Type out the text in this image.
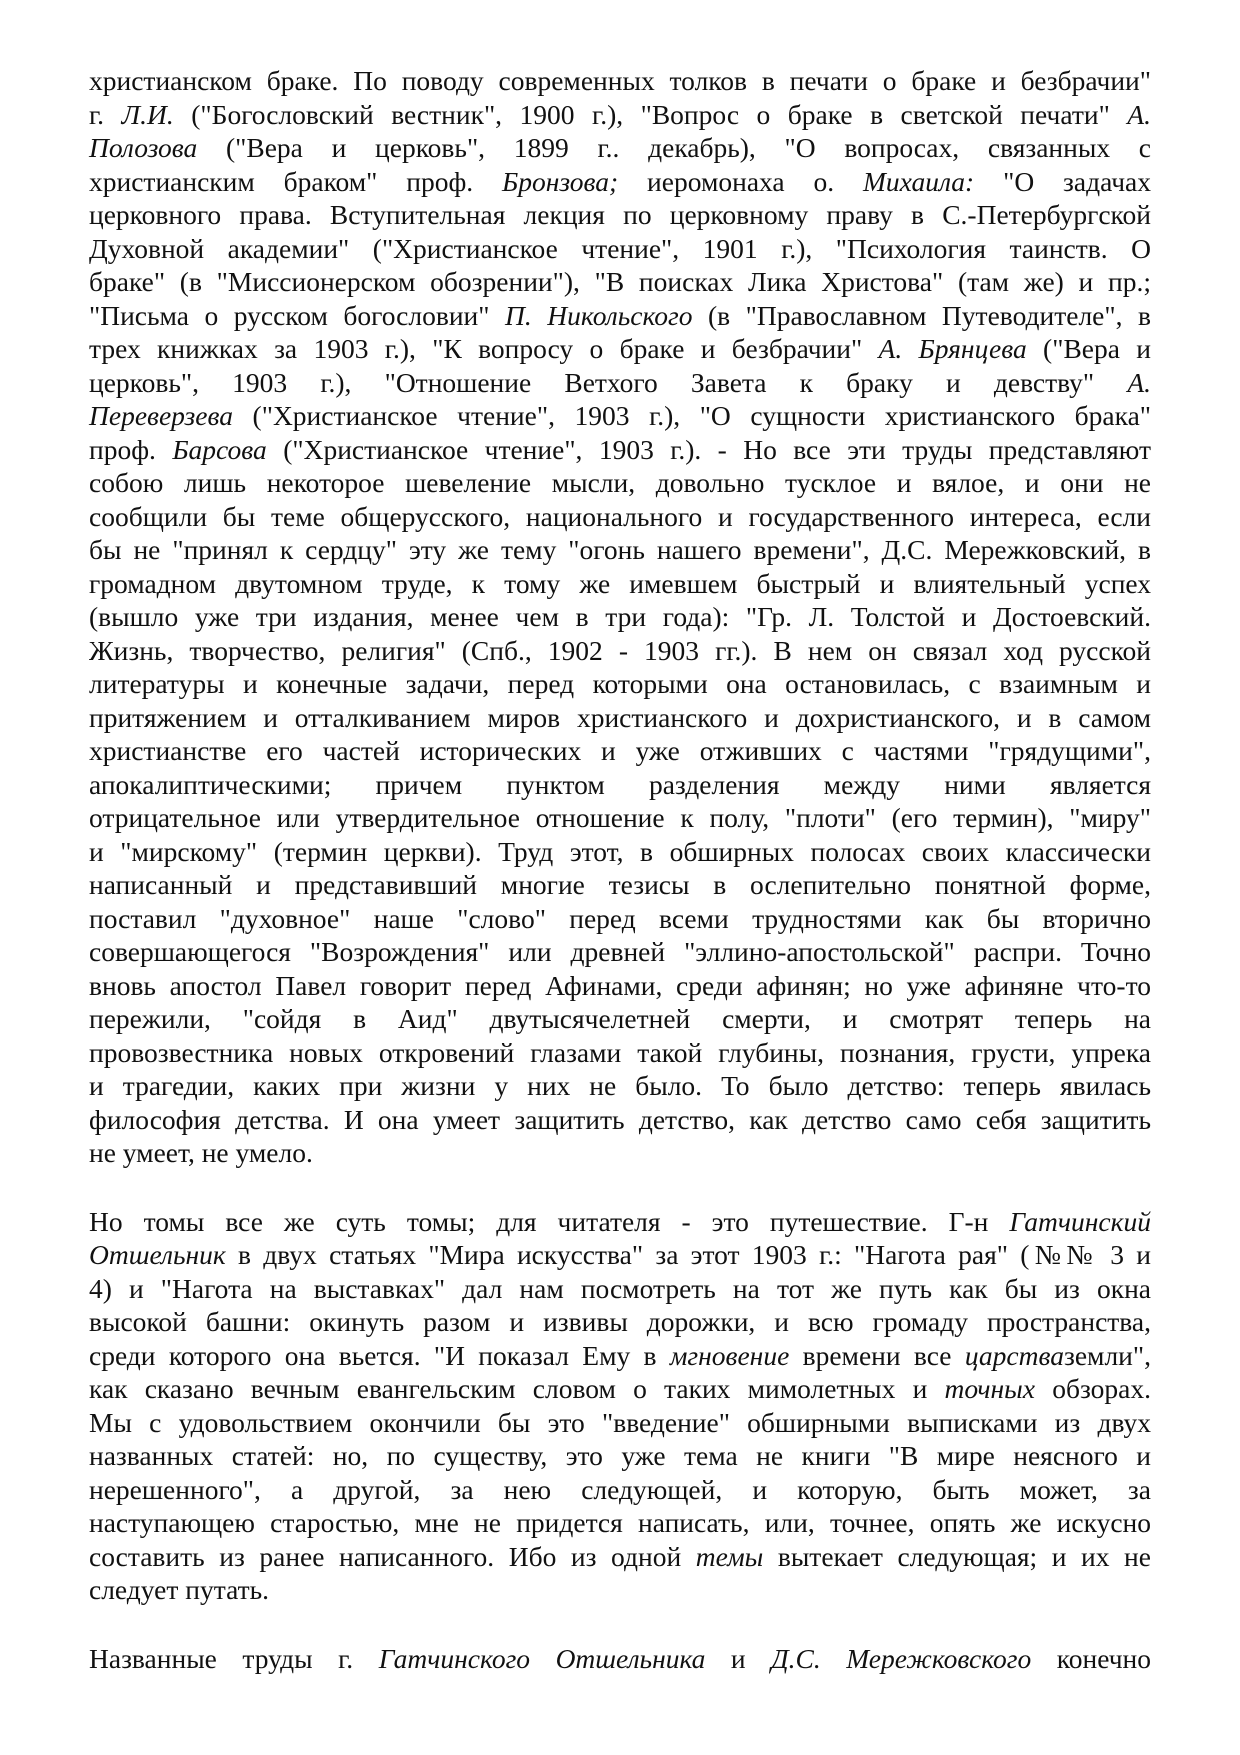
христианском браке. По поводу современных толков в печати о браке и безбрачии"
г. Л.И. ("Богословский вестник", 1900 г.), "Вопрос о браке в светской печати" А.
Полозова ("Вера и церковь", 1899 г.. декабрь), "О вопросах, связанных с
христианским браком" проф. Бронзова; иеромонаха о. Михаила: "О задачах
церковного права. Вступительная лекция по церковному праву в С.-Петербургской
Духовной академии" ("Христианское чтение", 1901 г.), "Психология таинств. О
браке" (в "Миссионерском обозрении"), "В поисках Лика Христова" (там же) и пр.;
"Письма о русском богословии" П. Никольского (в "Православном Путеводителе", в
трех книжках за 1903 г.), "К вопросу о браке и безбрачии" А. Брянцева ("Вера и
церковь", 1903 г.), "Отношение Ветхого Завета к браку и девству" А.
Переверзева ("Христианское чтение", 1903 г.), "О сущности христианского брака"
проф. Барсова ("Христианское чтение", 1903 г.). - Но все эти труды представляют
собою лишь некоторое шевеление мысли, довольно тусклое и вялое, и они не
сообщили бы теме общерусского, национального и государственного интереса, если
бы не "принял к сердцу" эту же тему "огонь нашего времени", Д.С. Мережковский, в
громадном двутомном труде, к тому же имевшем быстрый и влиятельный успех
(вышло уже три издания, менее чем в три года): "Гр. Л. Толстой и Достоевский.
Жизнь, творчество, религия" (Спб., 1902 - 1903 гг.). В нем он связал ход русской
литературы и конечные задачи, перед которыми она остановилась, с взаимным и
притяжением и отталкиванием миров христианского и дохристианского, и в самом
христианстве его частей исторических и уже отживших с частями "грядущими",
апокалиптическими; причем пунктом разделения между ними является
отрицательное или утвердительное отношение к полу, "плоти" (его термин), "миру"
и "мирскому" (термин церкви). Труд этот, в обширных полосах своих классически
написанный и представивший многие тезисы в ослепительно понятной форме,
поставил "духовное" наше "слово" перед всеми трудностями как бы вторично
совершающегося "Возрождения" или древней "эллино-апостольской" распри. Точно
вновь апостол Павел говорит перед Афинами, среди афинян; но уже афиняне что-то
пережили, "сойдя в Аид" двутысячелетней смерти, и смотрят теперь на
провозвестника новых откровений глазами такой глубины, познания, грусти, упрека
и трагедии, каких при жизни у них не было. То было детство: теперь явилась
философия детства. И она умеет защитить детство, как детство само себя защитить
не умеет, не умело.
Но томы все же суть томы; для читателя - это путешествие. Г-н Гатчинский
Отшельник в двух статьях "Мира искусства" за этот 1903 г.: "Нагота рая" (№№ 3 и
4) и "Нагота на выставках" дал нам посмотреть на тот же путь как бы из окна
высокой башни: окинуть разом и извивы дорожки, и всю громаду пространства,
среди которого она вьется. "И показал Ему в мгновение времени все царстваземли",
как сказано вечным евангельским словом о таких мимолетных и точных обзорах.
Мы с удовольствием окончили бы это "введение" обширными выписками из двух
названных статей: но, по существу, это уже тема не книги "В мире неясного и
нерешенного", а другой, за нею следующей, и которую, быть может, за
наступающею старостью, мне не придется написать, или, точнее, опять же искусно
составить из ранее написанного. Ибо из одной темы вытекает следующая; и их не
следует путать.
Названные труды г. Гатчинского Отшельника и Д.С. Мережковского конечно
